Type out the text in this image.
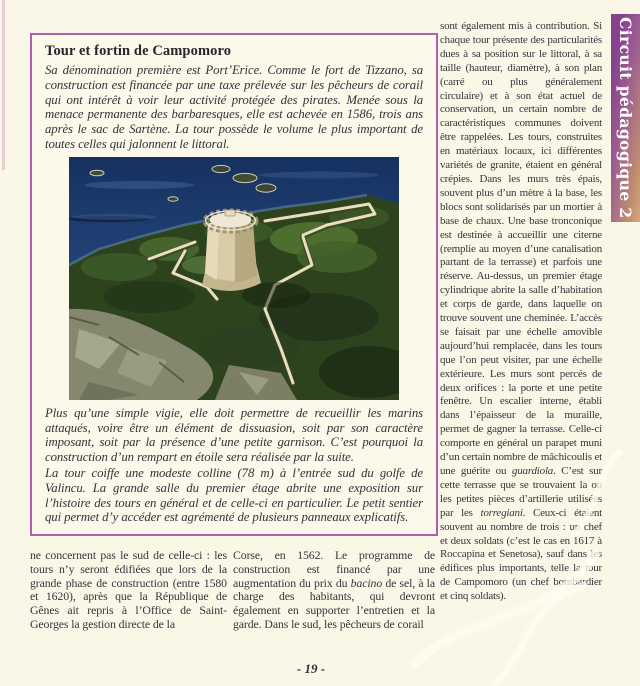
Circuit pédagogique 2
Tour et fortin de Campomoro

Sa dénomination première est Port’Erice. Comme le fort de Tizzano, sa construction est financée par une taxe prélevée sur les pêcheurs de corail qui ont intérêt à voir leur activité protégée des pirates. Menée sous la menace permanente des barbaresques, elle est achevée en 1586, trois ans après le sac de Sartène. La tour possède le volume le plus important de toutes celles qui jalonnent le littoral.

Plus qu’une simple vigie, elle doit permettre de recueillir les marins attaqués, voire être un élément de dissuasion, soit par son caractère imposant, soit par la présence d’une petite garnison. C’est pourquoi la construction d’un rempart en étoile sera réalisée par la suite.

La tour coiffe une modeste colline (78 m) à l’entrée sud du golfe de Valincu. La grande salle du premier étage abrite une exposition sur l’histoire des tours en général et de celle-ci en particulier. Le petit sentier qui permet d’y accéder est agrémenté de plusieurs panneaux explicatifs.

sont également mis à contribution. Si chaque tour présente des particularités dues à sa position sur le littoral, à sa taille (hauteur, diamètre), à son plan (carré ou plus généralement circulaire) et à son état actuel de conservation, un certain nombre de caractéristiques communes doivent être rappelées. Les tours, construites en matériaux locaux, ici différentes variétés de granite, étaient en général crépies. Dans les murs très épais, souvent plus d’un mètre à la base, les blocs sont solidarisés par un mortier à base de chaux. Une base tronconique est destinée à accueillir une citerne (remplie au moyen d’une canalisation partant de la terrasse) et parfois une réserve. Au-dessus, un premier étage cylindrique abrite la salle d’habitation et corps de garde, dans laquelle on trouve souvent une cheminée. L’accès se faisait par une échelle amovible aujourd’hui remplacée, dans les tours que l’on peut visiter, par une échelle extérieure. Les murs sont percés de deux orifices : la porte et une petite fenêtre. Un escalier interne, établi dans l’épaisseur de la muraille, permet de gagner la terrasse. Celle-ci comporte en général un parapet muni d’un certain nombre de mâchicoulis et une guérite ou guardiola. C’est sur cette terrasse que se trouvaient la ou les petites pièces d’artillerie utilisées par les torregiani. Ceux-ci étaient souvent au nombre de trois : un chef et deux soldats (c’est le cas en 1617 à Roccapina et Senetosa), sauf dans les édifices plus importants, telle la tour de Campomoro (un chef bombardier et cinq soldats).
ne concernent pas le sud de celle-ci : les tours n’y seront édifiées que lors de la grande phase de construction (entre 1580 et 1620), après que la République de Gênes ait repris à l’Office de Saint-Georges la gestion directe de la
Corse, en 1562. Le programme de construction est financé par une augmentation du prix du bacino de sel, à la charge des habitants, qui devront également en supporter l’entretien et la garde. Dans le sud, les pêcheurs de corail
- 19 -
